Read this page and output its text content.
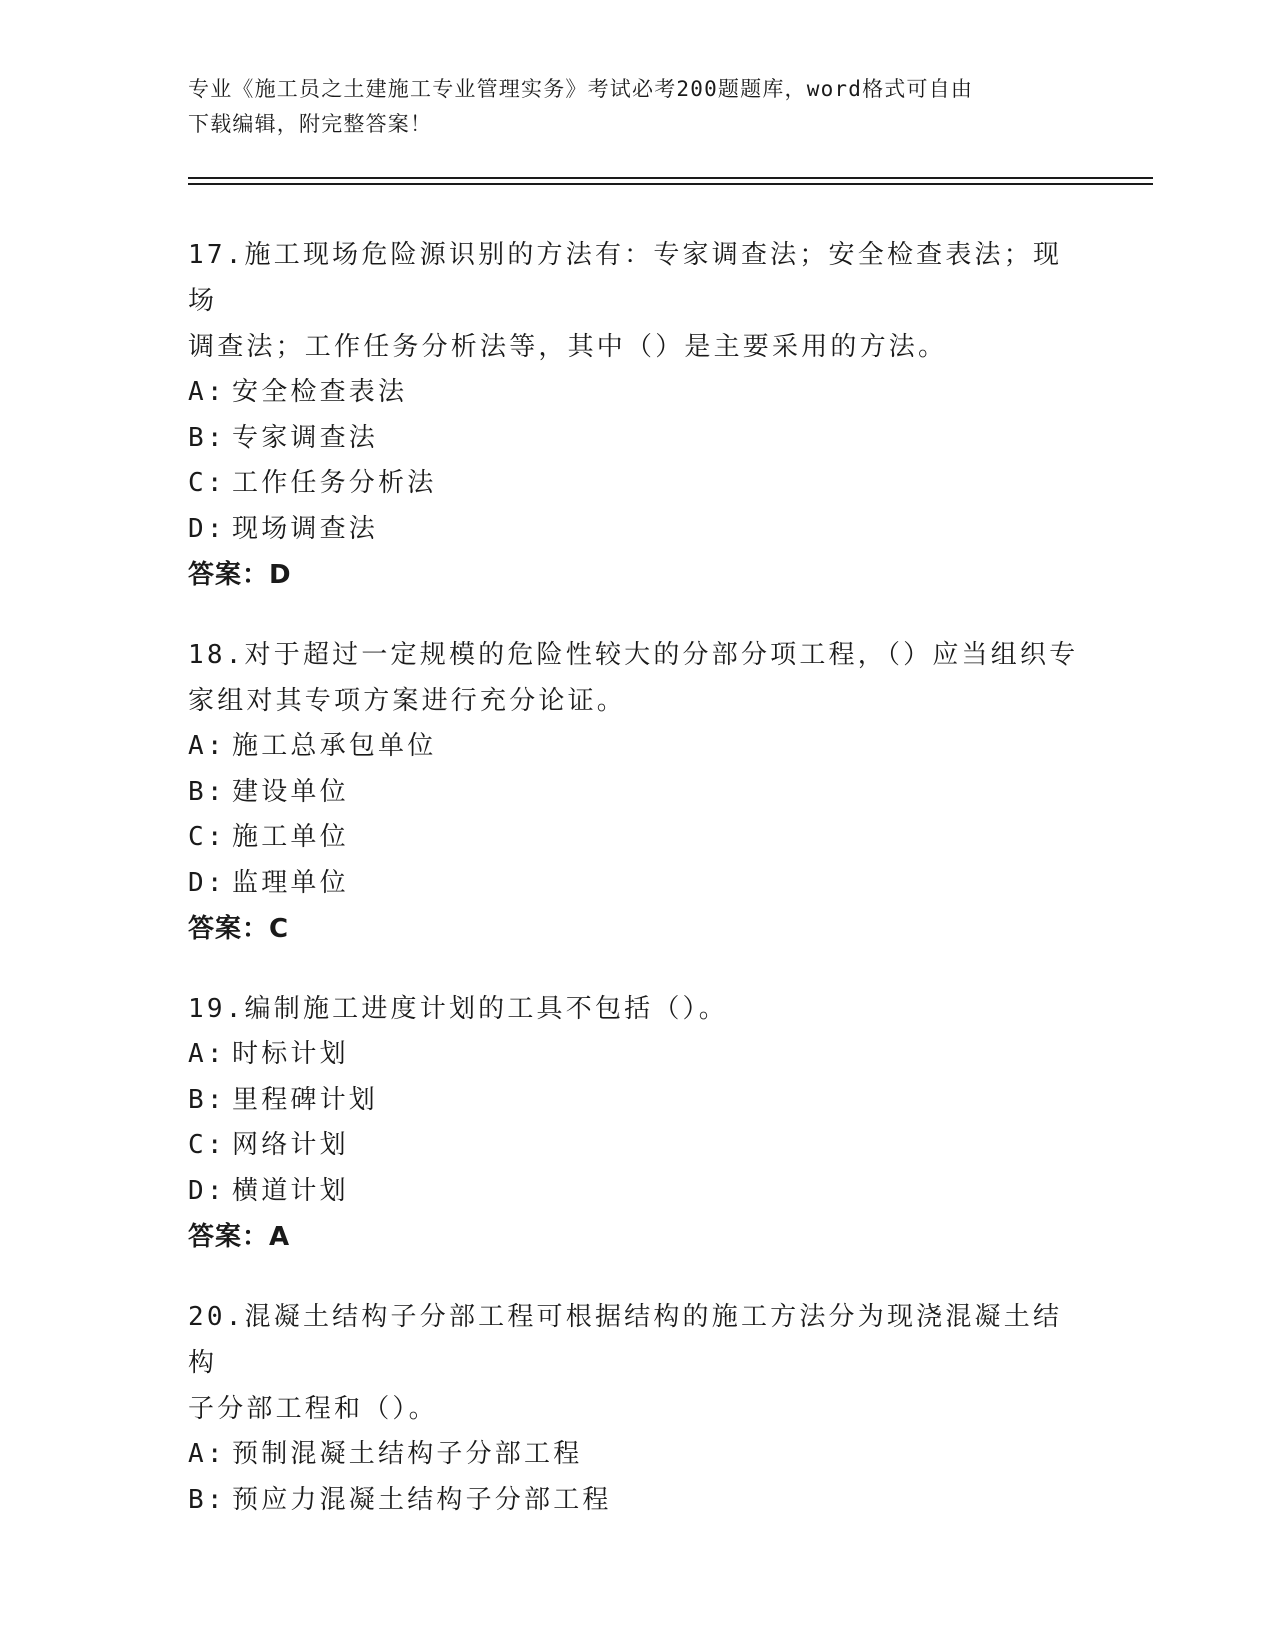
专业《施工员之土建施工专业管理实务》考试必考200题题库，word格式可自由
下载编辑，附完整答案！

17.施工现场危险源识别的方法有：专家调查法；安全检查表法；现场

调查法；工作任务分析法等，其中（）是主要采用的方法。

A: 安全检查表法
B: 专家调查法
C: 工作任务分析法
D: 现场调查法
答案：D

18.对于超过一定规模的危险性较大的分部分项工程，（）应当组织专

家组对其专项方案进行充分论证。

A: 施工总承包单位
B: 建设单位
C: 施工单位
D: 监理单位
答案：C

19.编制施工进度计划的工具不包括（）。

A: 时标计划
B: 里程碑计划
C: 网络计划
D: 横道计划
答案：A

20.混凝土结构子分部工程可根据结构的施工方法分为现浇混凝土结构

子分部工程和（）。

A: 预制混凝土结构子分部工程
B: 预应力混凝土结构子分部工程
